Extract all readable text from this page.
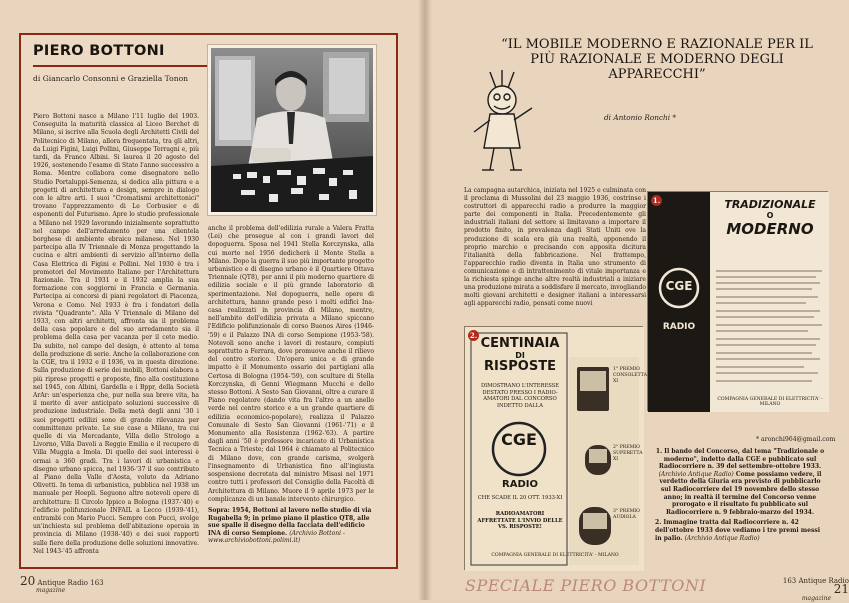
PIERO BOTTONI
di Giancarlo Consonni e Graziella Tonon
Piero Bottoni nasce a Milano l'11 luglio del 1903. Conseguita la maturità classica al Liceo Berchet di Milano, si iscrive alla Scuola degli Architetti Civili del Politecnico di Milano, allora frequentata, tra gli altri, da Luigi Figini, Luigi Pollini, Giuseppe Terragni e, più tardi, da Franco Albini. Si laurea il 20 agosto del 1926, sostenendo l'esame di Stato l'anno successivo a Roma. Mentre collabora come disegnatore nello Studio Portaluppi-Semenza, si dedica alla pittura e a progetti di architettura e design, sempre in dialogo con le altre arti. I suoi "Cromatismi architettonici" trovano l'apprezzamento di Le Corbusier e di esponenti del Futurismo. Apre lo studio professionale a Milano nel 1929 lavorando inizialmente soprattutto nel campo dell'arredamento per una clientela borghese di ambiente ebraico milanese. Nel 1930 partecipa alla IV Triennale di Monza progettando la cucina e altri ambienti di servizio all'interno della Casa Elettrica di Figini e Pollini. Nel 1930 è tra i promotori del Movimento Italiano per l'Architettura Razionale. Tra il 1931 e il 1932 amplia la sua formazione con soggiorni in Francia e Germania. Partecipa ai concorsi di piani regolatori di Piacenza, Verona e Como. Nel 1933 è fra i fondatori della rivista "Quadrante". Alla V Triennale di Milano del 1933, con altri architetti, affronta sia il problema della casa popolare e del suo arredamento sia il problema della casa per vacanza per il ceto medio. Da subito, nel campo del design, è attento al tema della produzione di serie. Anche la collaborazione con la CGE, tra il 1932 e il 1936, va in questa direzione. Sulla produzione di serie dei mobili, Bottoni elabora a più riprese progetti e proposte, fino alla costituzione nel 1945, con Albini, Gardella e i Bppr, della Società ArAr: un'esperienza che, pur nella sua breve vita, ha il merito di aver anticipato soluzioni successive di produzione industriale. Della metà degli anni '30 i suoi progetti edilizi sono di grande rilevanza per committenze private. Le sue case a Milano, tra cui quelle di via Mercadante, Villa dello Strologo a Livorno, Villa Davoli a Reggio Emilia e il recupero di Villa Muggia a Imola. Di quello dei suoi interessi è ormai a 360 gradi. Tra i lavori di urbanistica e disegno urbano spicca, nel 1936-'37 il suo contributo al Piano della Valle d'Aosta, voluto da Adriano Olivetti. In tema di urbanistica, pubblica nel 1938 un manuale per Hoepli. Seguono altre notevoli opere di architettura: Il Circolo Ippico a Bologna (1937-'40) e l'edificio polifunzionale INFAIL a Lecco (1939-'41), entrambi con Mario Pucci. Sempre con Pucci, svolge un'inchiesta sul problema dell'abitazione operaia in provincia di Milano (1938-'40) e dei suoi rapporti sulle fiere della produzione delle soluzioni innovative. Nel 1943-'45 affronta
anche il problema dell'edilizia rurale a Valera Fratta (Lei) che prosegue al con i grandi lavori del dopoguerra. Sposa nel 1941 Stella Korczynska, alla cui morte nel 1956 dedicherà il Monte Stella a Milano. Dopo la guerra il suo più importante progetto urbanistico e di disegno urbano è il Quartiere Ottava Triennale (QT8), per anni il più moderno quartiere di edilizia sociale e il più grande laboratorio di sperimentazione. Nel dopoguerra, nelle opere di architettura, hanno grande peso i molti edifici Ina-casa realizzati in provincia di Milano, mentre, nell'ambito dell'edilizia privata a Milano spiccano l'Edificio polifunzionale di corso Buenos Aires (1946-'59) e il Palazzo INA di corso Sempione (1953-'58). Notevoli sono anche i lavori di restauro, compiuti soprattutto a Ferrara, dove promuove anche il rilievo del centro storico. Un'opera unica e di grande impatto è il Monumento ossario dei partigiani alla Certosa di Bologna (1954-'59), con sculture di Stella Korczynska, di Genni Wiegmann Mucchi e dello stesso Bottoni. A Sesto San Giovanni, oltre a curare il Piano regolatore (dando vita fra l'altro a un anello verde nel centro storico e a un grande quartiere di edilizia economico-popolare), realizza il Palazzo Comunale di Sesto San Giovanni (1961-'71) e il Monumento alla Resistenza (1962-'63). A partire dagli anni '50 è professore incaricato di Urbanistica Tecnica a Trieste; dal 1964 è chiamato al Politecnico di Milano dove, con grande carisma, svolgerà l'insegnamento di Urbanistica fino all'ingiusta sospensione decretata dal ministro Misasi nel 1971 contro tutti i professori del Consiglio della Facoltà di Architettura di Milano. Muore il 9 aprile 1973 per le complicanze di un banale intervento chirurgico.
Sopra: 1954, Bottoni al lavoro nello studio di via Rugabella 9; in primo piano il plastico QT8, alle sue spalle il disegno della facciata dell'edificio INA di corso Sempione. (Archivio Bottoni - www.archiviobottoni.polimi.it)
20 Antique Radio 163
magazine
“IL MOBILE MODERNO E RAZIONALE PER IL PIÙ RAZIONALE E MODERNO DEGLI APPARECCHI”
di Antonio Ronchi *
La campagna autarchica, iniziata nel 1925 e culminata con il proclama di Mussolini del 23 maggio 1936, costrinse i costruttori di apparecchi radio a produrre la maggior parte dei componenti in Italia. Precedentemente gli industriali italiani del settore si limitavano a importare il prodotto finito, in prevalenza dagli Stati Uniti ove la produzione di scala era già una realtà, apponendo il proprio marchio e precisando con apposita dicitura l'italianità della fabbricazione. Nel frattempo, l'apparecchio radio diventa in Italia uno strumento di comunicazione e di intrattenimento di vitale importanza e la richiesta spinge anche altre realtà industriali a iniziare una produzione mirata a soddisfare il mercato, invogliando molti giovani architetti e designer italiani a interessarsi agli apparecchi radio, pensati come nuovi
2.
CENTINAIA
DI
RISPOSTE
DIMOSTRANO L'INTERESSE DESTATO PRESSO I RADIO-AMATORI DAL CONCORSO INDETTO DALLA
CGE
RADIO
CHE SCADE IL 20 OTT. 1933-XI
RADIOAMATORI AFFRETTATE L'INVIO DELLE VS. RISPOSTE!
COMPAGNIA GENERALE DI ELETTRICITA' - MILANO
1° PREMIO
CONSOLETTA XI
2° PREMIO
SUPERETTA XI
3° PREMIO
AUDIOLA
1.	TRADIZIONALE
O
MODERNO
CGE
RADIO
COMPAGNIA GENERALE DI ELETTRICITA' - MILANO
* aronchi964@gmail.com
1. Il bando del Concorso, dal tema "Tradizionale o moderno", indetto dalla CGE e pubblicato sul Radiocorriere n. 39 del settembre-ottobre 1933. (Archivio Antique Radio) Come possiamo vedere, il verdetto della Giuria era previsto di pubblicarlo sul Radiocorriere del 19 novembre dello stesso anno; in realtà il termine del Concorso venne prorogato e il risultato fu pubblicato sul Radiocorriere n. 9 febbraio-marzo del 1934.
2. Immagine tratta dal Radiocorriere n. 42 dell'ottobre 1933 dove vediamo i tre premi messi in palio. (Archivio Antique Radio)
SPECIALE PIERO BOTTONI	163 Antique Radio 21
magazine
